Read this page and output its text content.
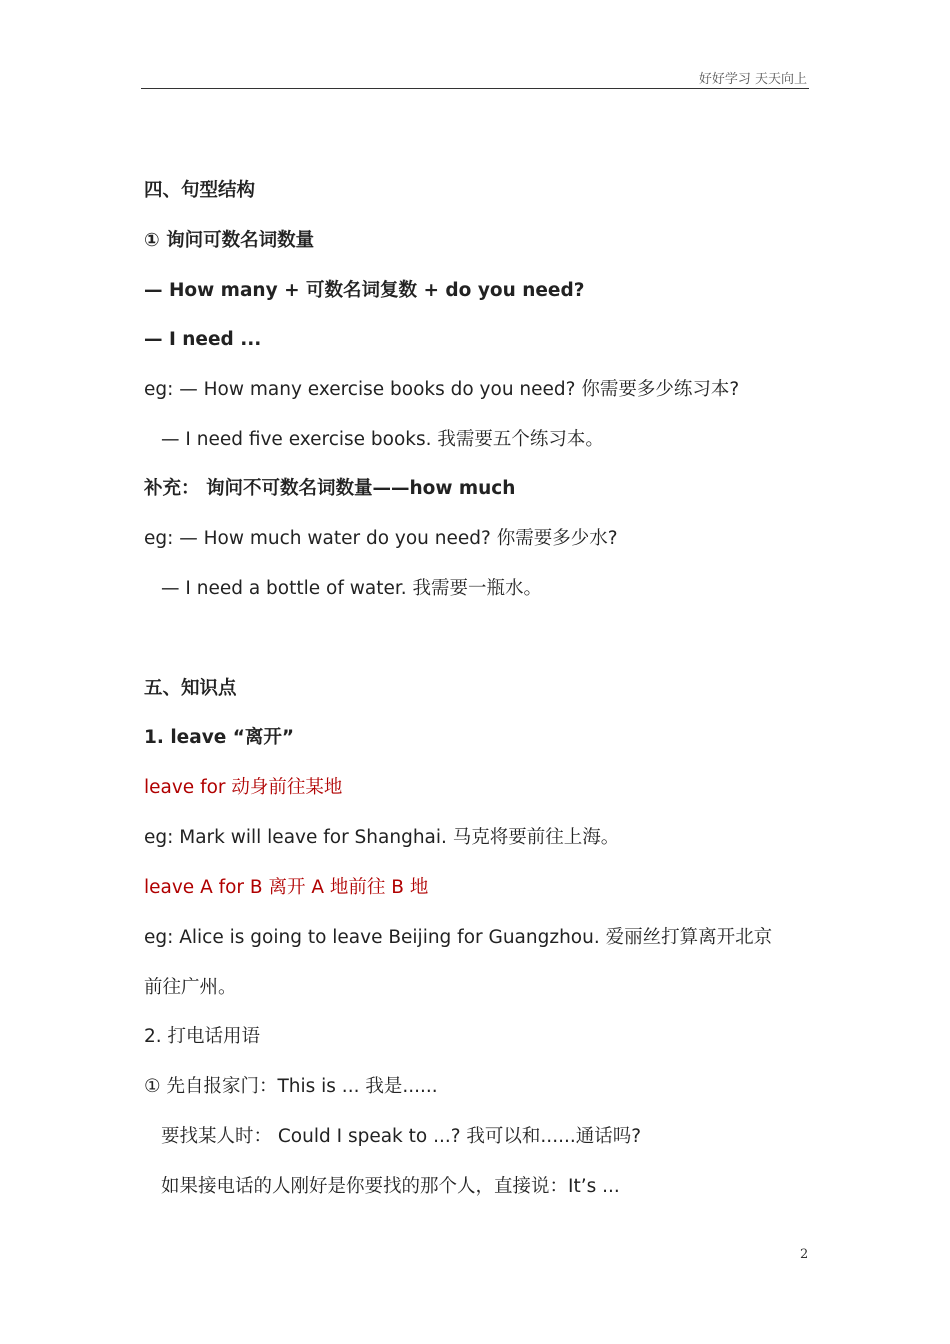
好好学习 天天向上
四、句型结构
① 询问可数名词数量
— How many + 可数名词复数 + do you need?
— I need ...
eg: — How many exercise books do you need? 你需要多少练习本?
— I need five exercise books. 我需要五个练习本。
补充： 询问不可数名词数量——how much
eg: — How much water do you need? 你需要多少水?
— I need a bottle of water. 我需要一瓶水。
五、知识点
1. leave “离开”
leave for 动身前往某地
eg: Mark will leave for Shanghai. 马克将要前往上海。
leave A for B 离开 A 地前往 B 地
eg: Alice is going to leave Beijing for Guangzhou. 爱丽丝打算离开北京
前往广州。
2. 打电话用语
① 先自报家门：This is ... 我是......
要找某人时： Could I speak to ...? 我可以和......通话吗?
如果接电话的人刚好是你要找的那个人，直接说：It’s ...
2
